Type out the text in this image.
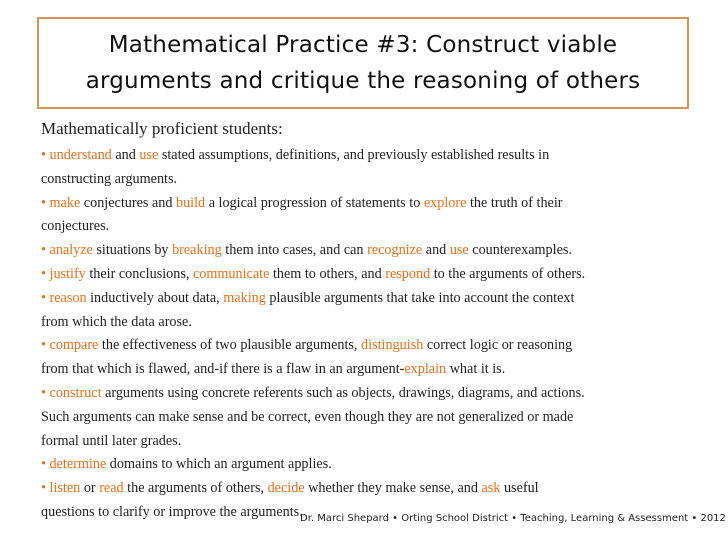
Mathematical Practice #3: Construct viable
arguments and critique the reasoning of others

Mathematically proficient students:

• understand and use stated assumptions, definitions, and previously established results in
constructing arguments.
• make conjectures and build a logical progression of statements to explore the truth of their
conjectures.
• analyze situations by breaking them into cases, and can recognize and use counterexamples.
• justify their conclusions, communicate them to others, and respond to the arguments of others.
• reason inductively about data, making plausible arguments that take into account the context
from which the data arose.
• compare the effectiveness of two plausible arguments, distinguish correct logic or reasoning
from that which is flawed, and-if there is a flaw in an argument-explain what it is.
• construct arguments using concrete referents such as objects, drawings, diagrams, and actions.
Such arguments can make sense and be correct, even though they are not generalized or made
formal until later grades.
• determine domains to which an argument applies.
• listen or read the arguments of others, decide whether they make sense, and ask useful
questions to clarify or improve the arguments.
Dr. Marci Shepard • Orting School District • Teaching, Learning & Assessment • 2012
